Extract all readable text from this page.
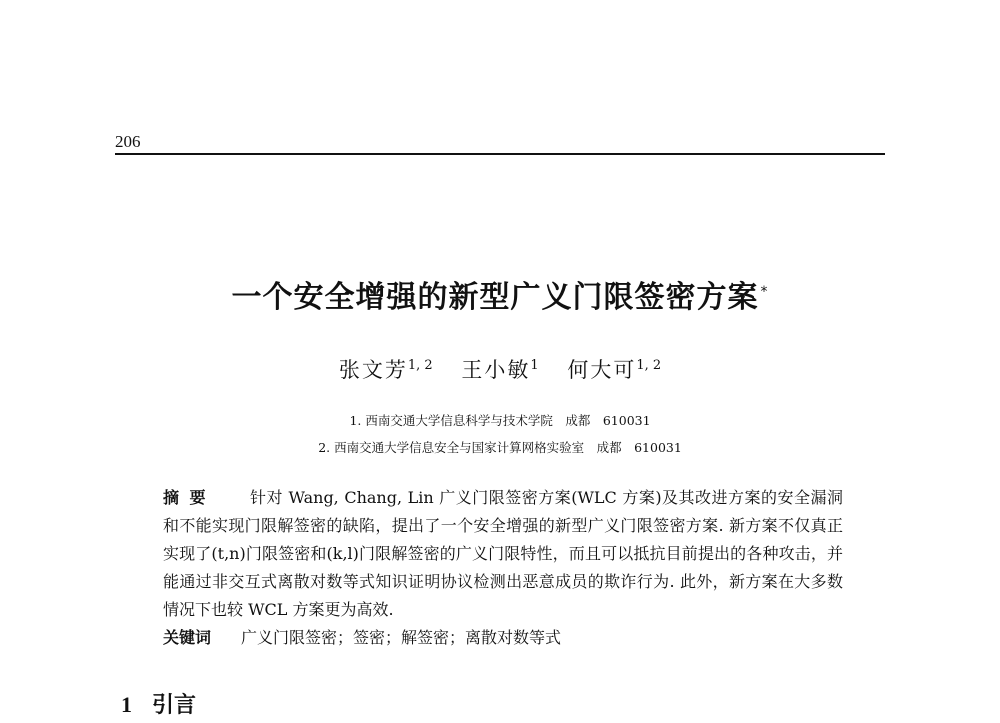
206
一个安全增强的新型广义门限签密方案 *
张文芳$^{1, 2}$ 王小敏$^1$ 何大可$^{1, 2}$
1. 西南交通大学信息科学与技术学院　成都　610031
2. 西南交通大学信息安全与国家计算网格实验室　成都　610031

摘要 针对 Wang, Chang, Lin 广义门限签密方案(WLC 方案)及其改进方案的安全漏洞和不能实现门限解签密的缺陷，提出了一个安全增强的新型广义门限签密方案. 新方案不仅真正实现了(t,n)门限签密和(k,l)门限解签密的广义门限特性，而且可以抵抗目前提出的各种攻击，并能通过非交互式离散对数等式知识证明协议检测出恶意成员的欺诈行为. 此外，新方案在大多数情况下也较 WCL 方案更为高效.

关键词 广义门限签密；签密；解签密；离散对数等式

1 引言
